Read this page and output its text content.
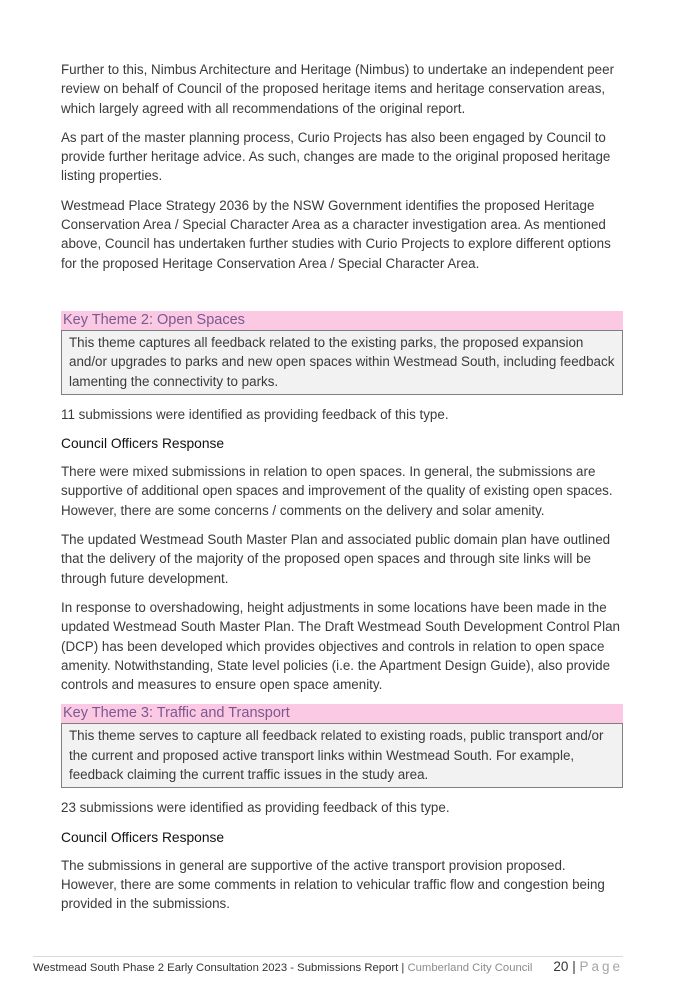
Further to this, Nimbus Architecture and Heritage (Nimbus) to undertake an independent peer review on behalf of Council of the proposed heritage items and heritage conservation areas, which largely agreed with all recommendations of the original report.

As part of the master planning process, Curio Projects has also been engaged by Council to provide further heritage advice. As such, changes are made to the original proposed heritage listing properties.

Westmead Place Strategy 2036 by the NSW Government identifies the proposed Heritage Conservation Area / Special Character Area as a character investigation area. As mentioned above, Council has undertaken further studies with Curio Projects to explore different options for the proposed Heritage Conservation Area / Special Character Area.

Key Theme 2: Open Spaces
This theme captures all feedback related to the existing parks, the proposed expansion and/or upgrades to parks and new open spaces within Westmead South, including feedback lamenting the connectivity to parks.

11 submissions were identified as providing feedback of this type.

Council Officers Response

There were mixed submissions in relation to open spaces. In general, the submissions are supportive of additional open spaces and improvement of the quality of existing open spaces. However, there are some concerns / comments on the delivery and solar amenity.

The updated Westmead South Master Plan and associated public domain plan have outlined that the delivery of the majority of the proposed open spaces and through site links will be through future development.

In response to overshadowing, height adjustments in some locations have been made in the updated Westmead South Master Plan. The Draft Westmead South Development Control Plan (DCP) has been developed which provides objectives and controls in relation to open space amenity. Notwithstanding, State level policies (i.e. the Apartment Design Guide), also provide controls and measures to ensure open space amenity.

Key Theme 3: Traffic and Transport
This theme serves to capture all feedback related to existing roads, public transport and/or the current and proposed active transport links within Westmead South. For example, feedback claiming the current traffic issues in the study area.

23 submissions were identified as providing feedback of this type.

Council Officers Response

The submissions in general are supportive of the active transport provision proposed. However, there are some comments in relation to vehicular traffic flow and congestion being provided in the submissions.

Westmead South Phase 2 Early Consultation 2023 - Submissions Report | Cumberland City Council 20 | Page
